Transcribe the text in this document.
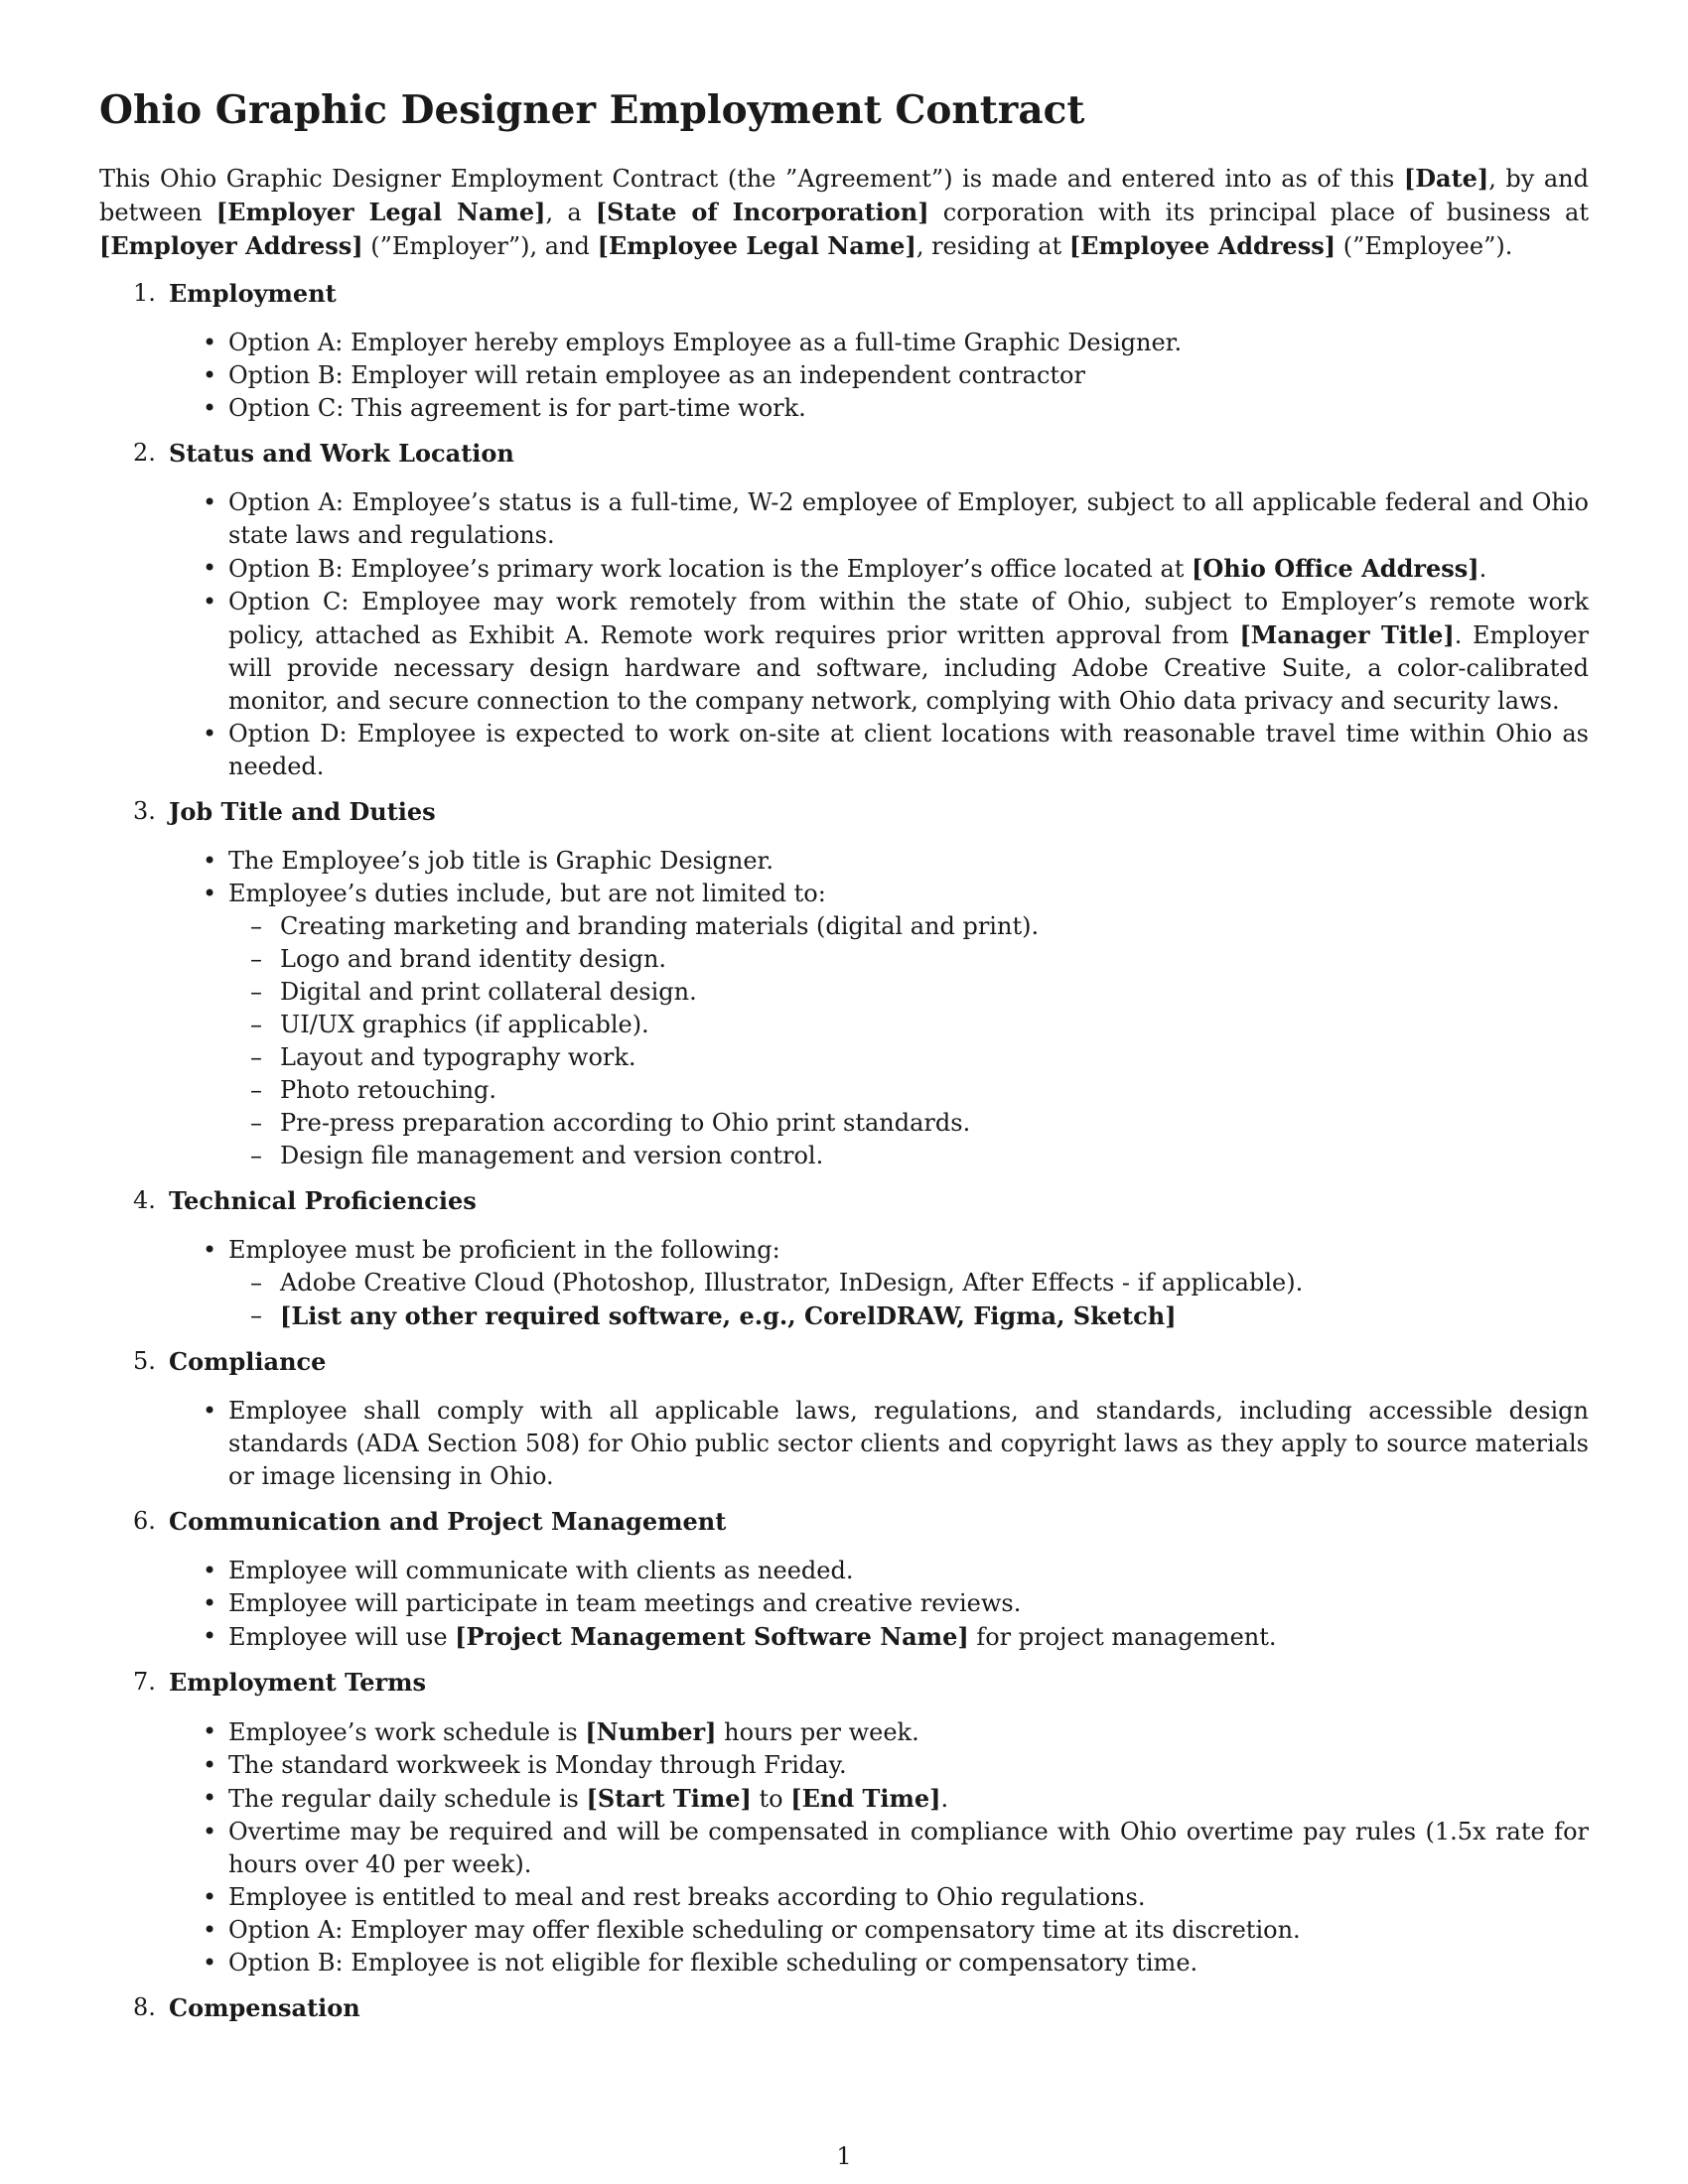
Ohio Graphic Designer Employment Contract

This Ohio Graphic Designer Employment Contract (the ”Agreement”) is made and entered into as of this [Date], by and between [Employer Legal Name], a [State of Incorporation] corporation with its principal place of business at [Employer Address] (”Employer”), and [Employee Legal Name], residing at [Employee Address] (”Employee”).

1. Employment
• Option A: Employer hereby employs Employee as a full-time Graphic Designer.
• Option B: Employer will retain employee as an independent contractor
• Option C: This agreement is for part-time work.
2. Status and Work Location
• Option A: Employee’s status is a full-time, W-2 employee of Employer, subject to all applicable federal and Ohio state laws and regulations.
• Option B: Employee’s primary work location is the Employer’s office located at [Ohio Office Address].
• Option C: Employee may work remotely from within the state of Ohio, subject to Employer’s remote work policy, attached as Exhibit A. Remote work requires prior written approval from [Manager Title]. Employer will provide necessary design hardware and software, including Adobe Creative Suite, a color-calibrated monitor, and secure connection to the company network, complying with Ohio data privacy and security laws.
• Option D: Employee is expected to work on-site at client locations with reasonable travel time within Ohio as needed.
3. Job Title and Duties
• The Employee’s job title is Graphic Designer.
• Employee’s duties include, but are not limited to:
– Creating marketing and branding materials (digital and print).
– Logo and brand identity design.
– Digital and print collateral design.
– UI/UX graphics (if applicable).
– Layout and typography work.
– Photo retouching.
– Pre-press preparation according to Ohio print standards.
– Design file management and version control.
4. Technical Proficiencies
• Employee must be proficient in the following:
– Adobe Creative Cloud (Photoshop, Illustrator, InDesign, After Effects - if applicable).
– [List any other required software, e.g., CorelDRAW, Figma, Sketch]
5. Compliance
• Employee shall comply with all applicable laws, regulations, and standards, including accessible design standards (ADA Section 508) for Ohio public sector clients and copyright laws as they apply to source materials or image licensing in Ohio.
6. Communication and Project Management
• Employee will communicate with clients as needed.
• Employee will participate in team meetings and creative reviews.
• Employee will use [Project Management Software Name] for project management.
7. Employment Terms
• Employee’s work schedule is [Number] hours per week.
• The standard workweek is Monday through Friday.
• The regular daily schedule is [Start Time] to [End Time].
• Overtime may be required and will be compensated in compliance with Ohio overtime pay rules (1.5x rate for hours over 40 per week).
• Employee is entitled to meal and rest breaks according to Ohio regulations.
• Option A: Employer may offer flexible scheduling or compensatory time at its discretion.
• Option B: Employee is not eligible for flexible scheduling or compensatory time.
8. Compensation
1
